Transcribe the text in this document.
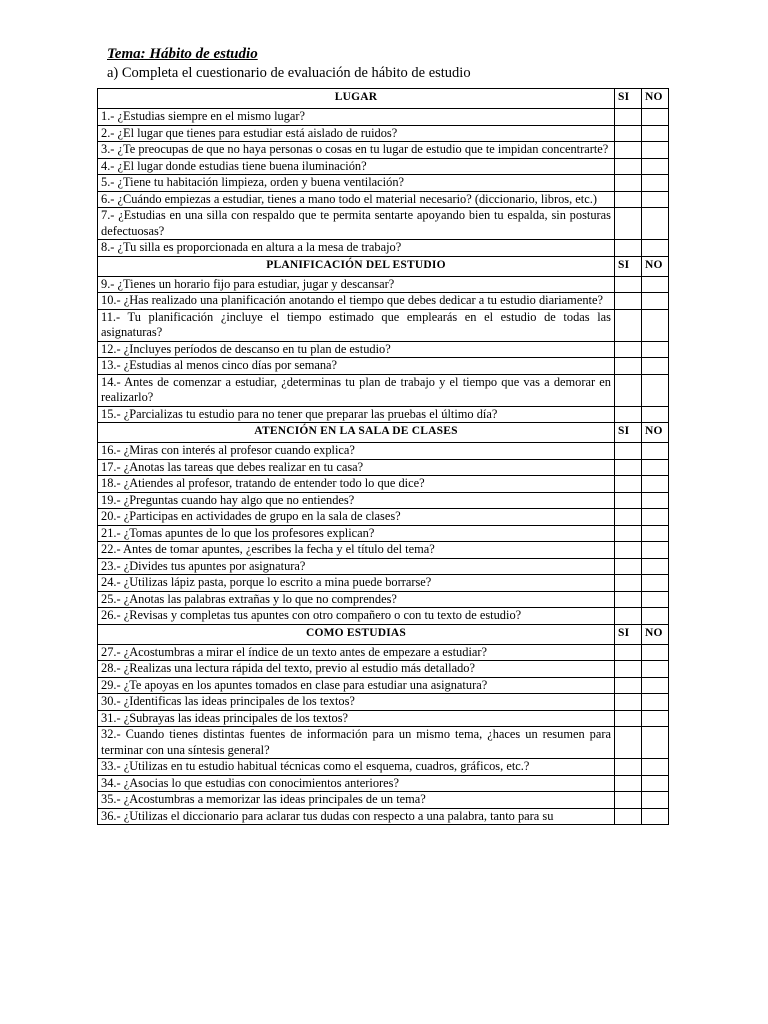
Tema: Hábito de estudio
a) Completa el cuestionario de evaluación de hábito de estudio
LUGAR	SI	NO
1.- ¿Estudias siempre en el mismo lugar?		
2.- ¿El lugar que tienes para estudiar está aislado de ruidos?		
3.- ¿Te preocupas de que no haya personas o cosas en tu lugar de estudio que te impidan concentrarte?		
4.- ¿El lugar donde estudias tiene buena iluminación?		
5.- ¿Tiene tu habitación limpieza, orden y buena ventilación?		
6.- ¿Cuándo empiezas a estudiar, tienes a mano todo el material necesario? (diccionario, libros, etc.)		
7.- ¿Estudias en una silla con respaldo que te permita sentarte apoyando bien tu espalda, sin posturas defectuosas?		
8.- ¿Tu silla es proporcionada en altura a la mesa de trabajo?		
PLANIFICACIÓN DEL ESTUDIO	SI	NO
9.- ¿Tienes un horario fijo para estudiar, jugar y descansar?		
10.- ¿Has realizado una planificación anotando el tiempo que debes dedicar a tu estudio diariamente?		
11.- Tu planificación ¿incluye el tiempo estimado que emplearás en el estudio de todas las asignaturas?		
12.- ¿Incluyes períodos de descanso en tu plan de estudio?		
13.- ¿Estudias al menos cinco días por semana?		
14.- Antes de comenzar a estudiar, ¿determinas tu plan de trabajo y el tiempo que vas a demorar en realizarlo?		
15.- ¿Parcializas tu estudio para no tener que preparar las pruebas el último día?		
ATENCIÓN EN LA SALA DE CLASES	SI	NO
16.- ¿Miras con interés al profesor cuando explica?		
17.- ¿Anotas las tareas que debes realizar en tu casa?		
18.- ¿Atiendes al profesor, tratando de entender todo lo que dice?		
19.- ¿Preguntas cuando hay algo que no entiendes?		
20.- ¿Participas en actividades de grupo en la sala de clases?		
21.- ¿Tomas apuntes de lo que los profesores explican?		
22.- Antes de tomar apuntes, ¿escribes la fecha y el título del tema?		
23.- ¿Divides tus apuntes por asignatura?		
24.- ¿Utilizas lápiz pasta, porque lo escrito a mina puede borrarse?		
25.- ¿Anotas las palabras extrañas y lo que no comprendes?		
26.- ¿Revisas y completas tus apuntes con otro compañero o con tu texto de estudio?		
COMO ESTUDIAS	SI	NO
27.- ¿Acostumbras a mirar el índice de un texto antes de empezare a estudiar?		
28.- ¿Realizas una lectura rápida del texto, previo al estudio más detallado?		
29.- ¿Te apoyas en los apuntes tomados en clase para estudiar una asignatura?		
30.- ¿Identificas las ideas principales de los textos?		
31.- ¿Subrayas las ideas principales de los textos?		
32.- Cuando tienes distintas fuentes de información para un mismo tema, ¿haces un resumen para terminar con una síntesis general?		
33.- ¿Utilizas en tu estudio habitual técnicas como el esquema, cuadros, gráficos, etc.?		
34.- ¿Asocias lo que estudias con conocimientos anteriores?		
35.- ¿Acostumbras a memorizar las ideas principales de un tema?		
36.- ¿Utilizas el diccionario para aclarar tus dudas con respecto a una palabra, tanto para su		
